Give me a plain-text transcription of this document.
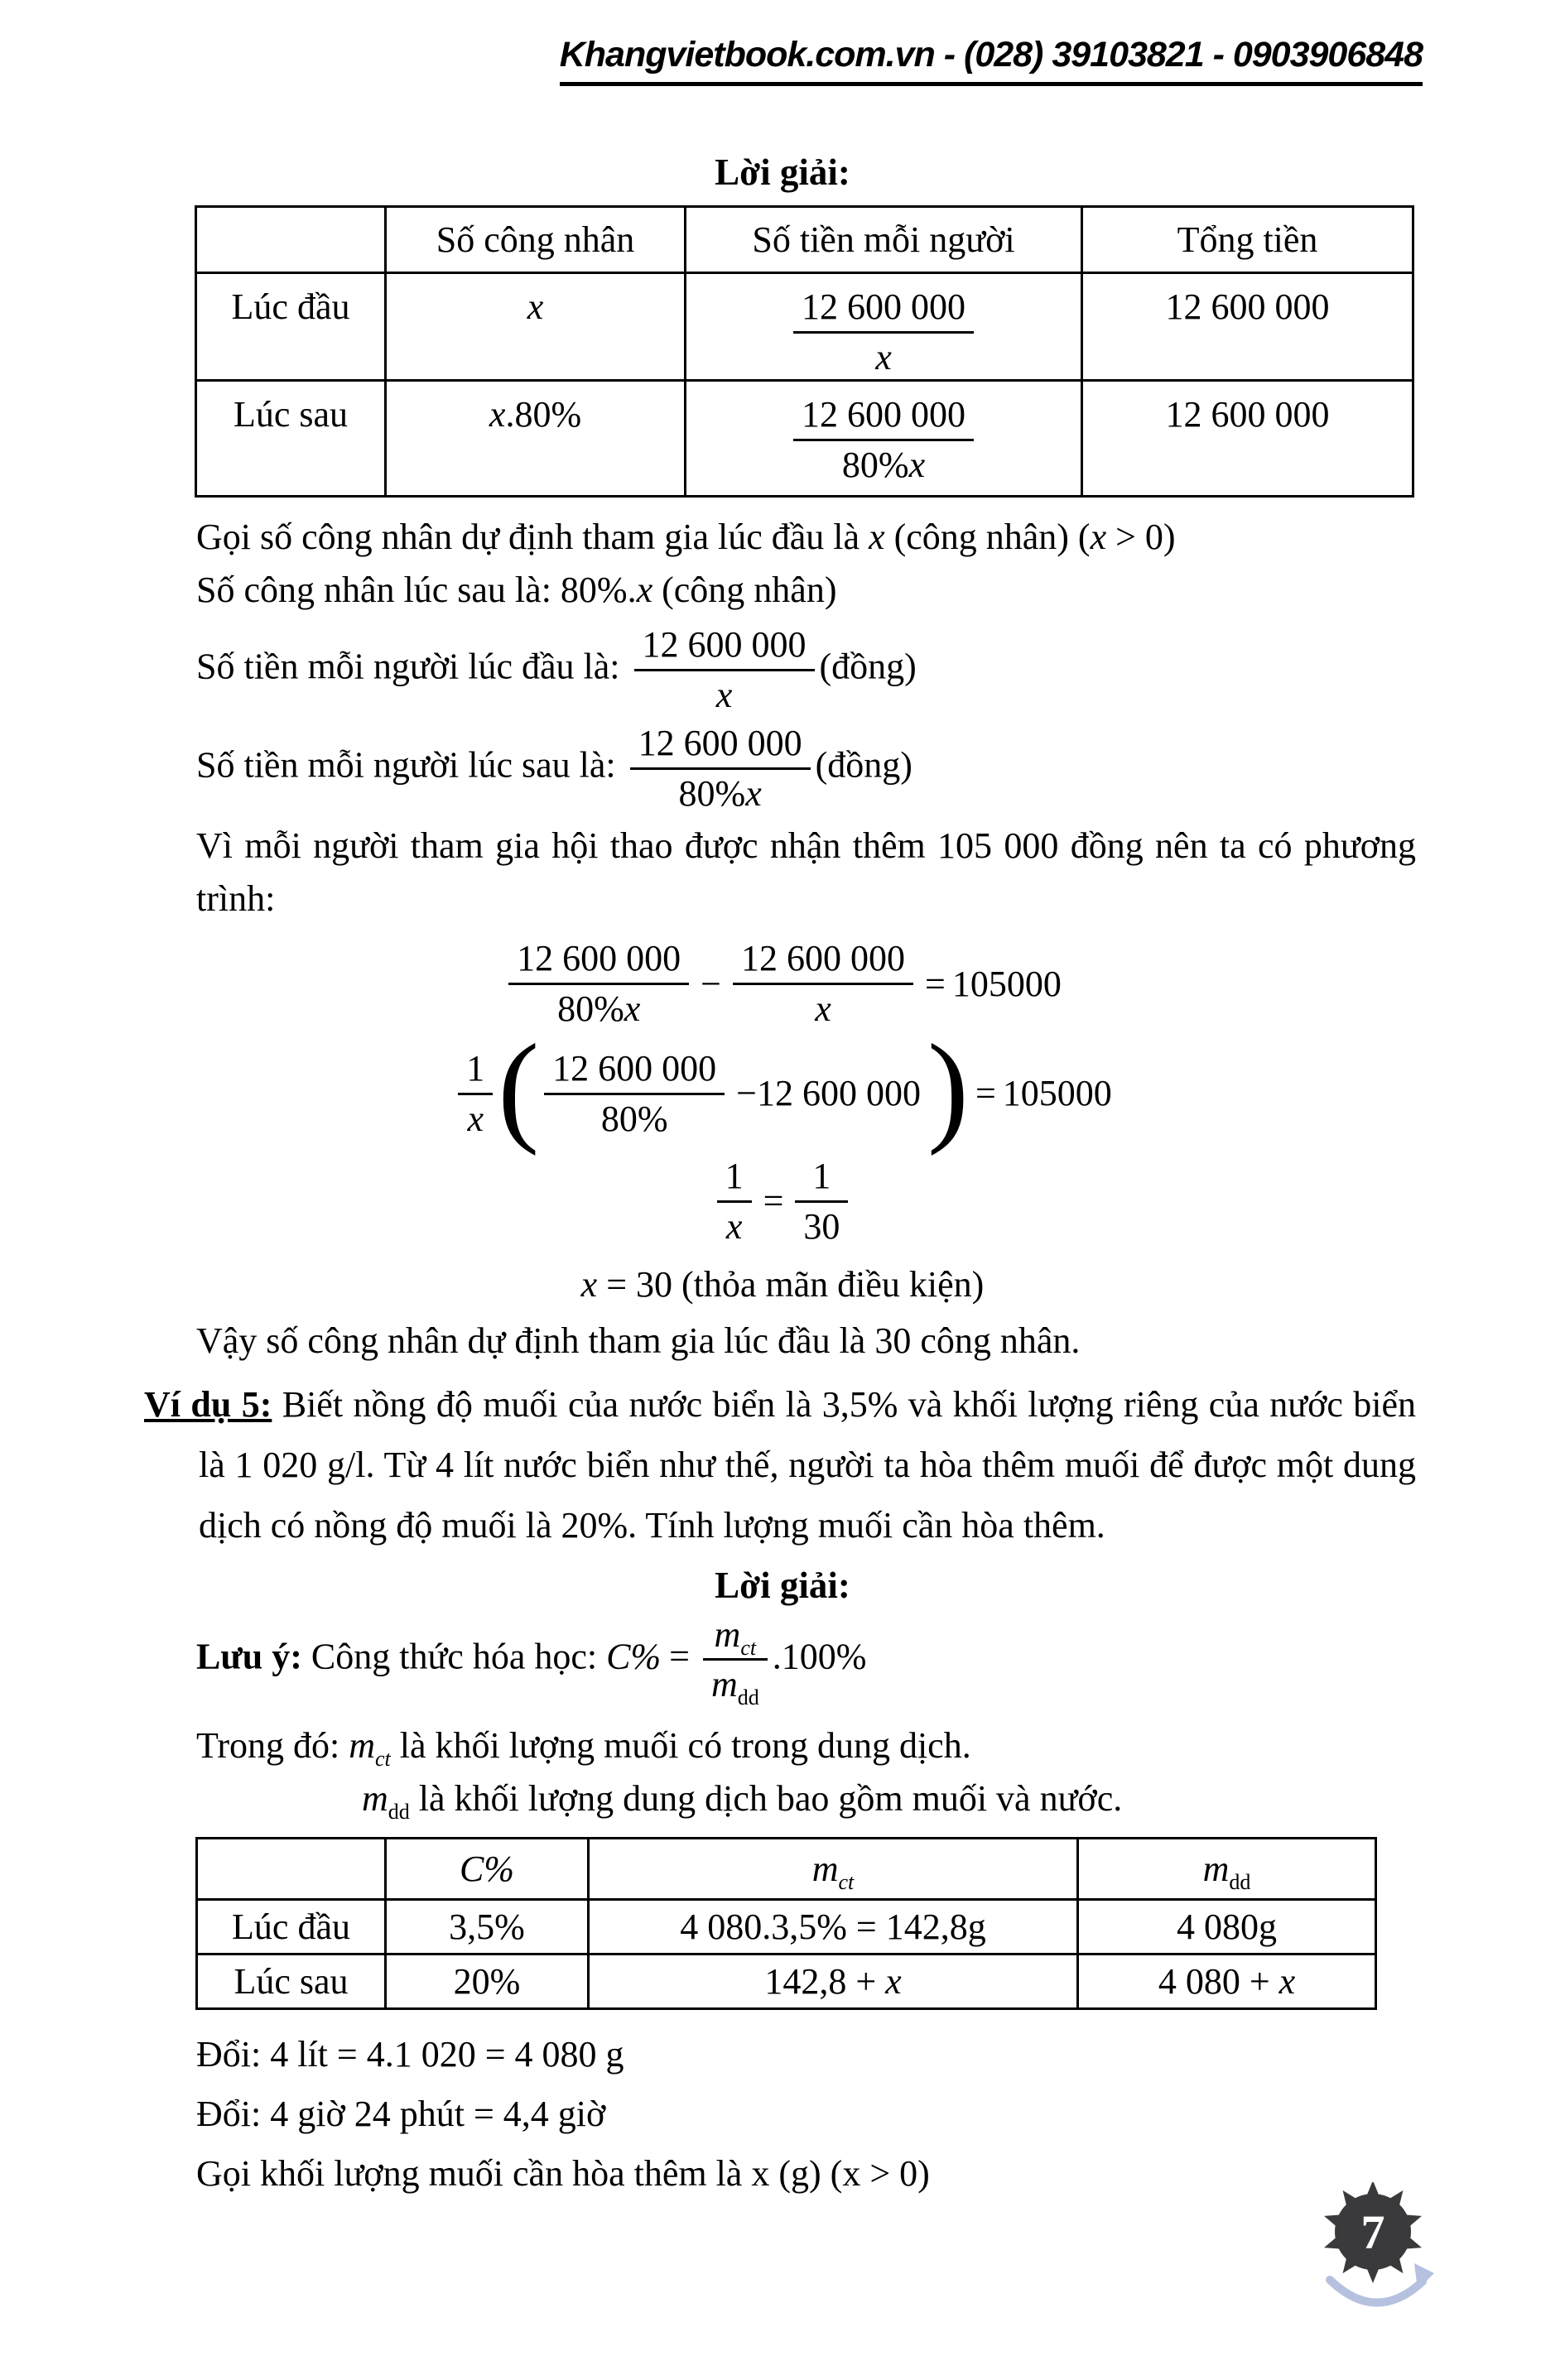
Khangvietbook.com.vn - (028) 39103821 - 0903906848
Lời giải:
	Số công nhân	Số tiền mỗi người	Tổng tiền
Lúc đầu	x	$\frac{12 600 000}{x}$	12 600 000
Lúc sau	x.80%	$\frac{12 600 000}{80\%x}$	12 600 000

Gọi số công nhân dự định tham gia lúc đầu là x (công nhân) (x > 0)

Số công nhân lúc sau là: 80%.x (công nhân)

Số tiền mỗi người lúc đầu là: $\frac{12 600 000}{x}$ (đồng)

Số tiền mỗi người lúc sau là: $\frac{12 600 000}{80\%x}$ (đồng)

Vì mỗi người tham gia hội thao được nhận thêm 105 000 đồng nên ta có phương trình:

$\frac{12 600 000}{80\%x} - \frac{12 600 000}{x} = 105000$
$\frac{1}{x}$ ( $\frac{12 600 000}{80\%} -12$ 600 000) = 105000
$\frac{1}{x} = \frac{1}{30}$
x = 30 (thỏa mãn điều kiện)

Vậy số công nhân dự định tham gia lúc đầu là 30 công nhân.

Ví dụ 5: Biết nồng độ muối của nước biển là 3,5% và khối lượng riêng của nước biển là 1 020 g/l. Từ 4 lít nước biển như thế, người ta hòa thêm muối để được một dung dịch có nồng độ muối là 20%. Tính lượng muối cần hòa thêm.

Lời giải:

Lưu ý: Công thức hóa học: $C\% = \frac{m_{ct}}{m_{dd}} .100\%$

Trong đó: $m_{ct}$ là khối lượng muối có trong dung dịch.

$m_{dd}$ là khối lượng dung dịch bao gồm muối và nước.

	C%	$m_{ct}$	$m_{dd}$
Lúc đầu	3,5%	4 080.3,5% = 142,8g	4 080g
Lúc sau	20%	142,8 + x	4 080 + x

Đổi: 4 lít = 4.1 020 = 4 080 g

Đổi: 4 giờ 24 phút = 4,4 giờ

Gọi khối lượng muối cần hòa thêm là x (g) (x > 0)

7
